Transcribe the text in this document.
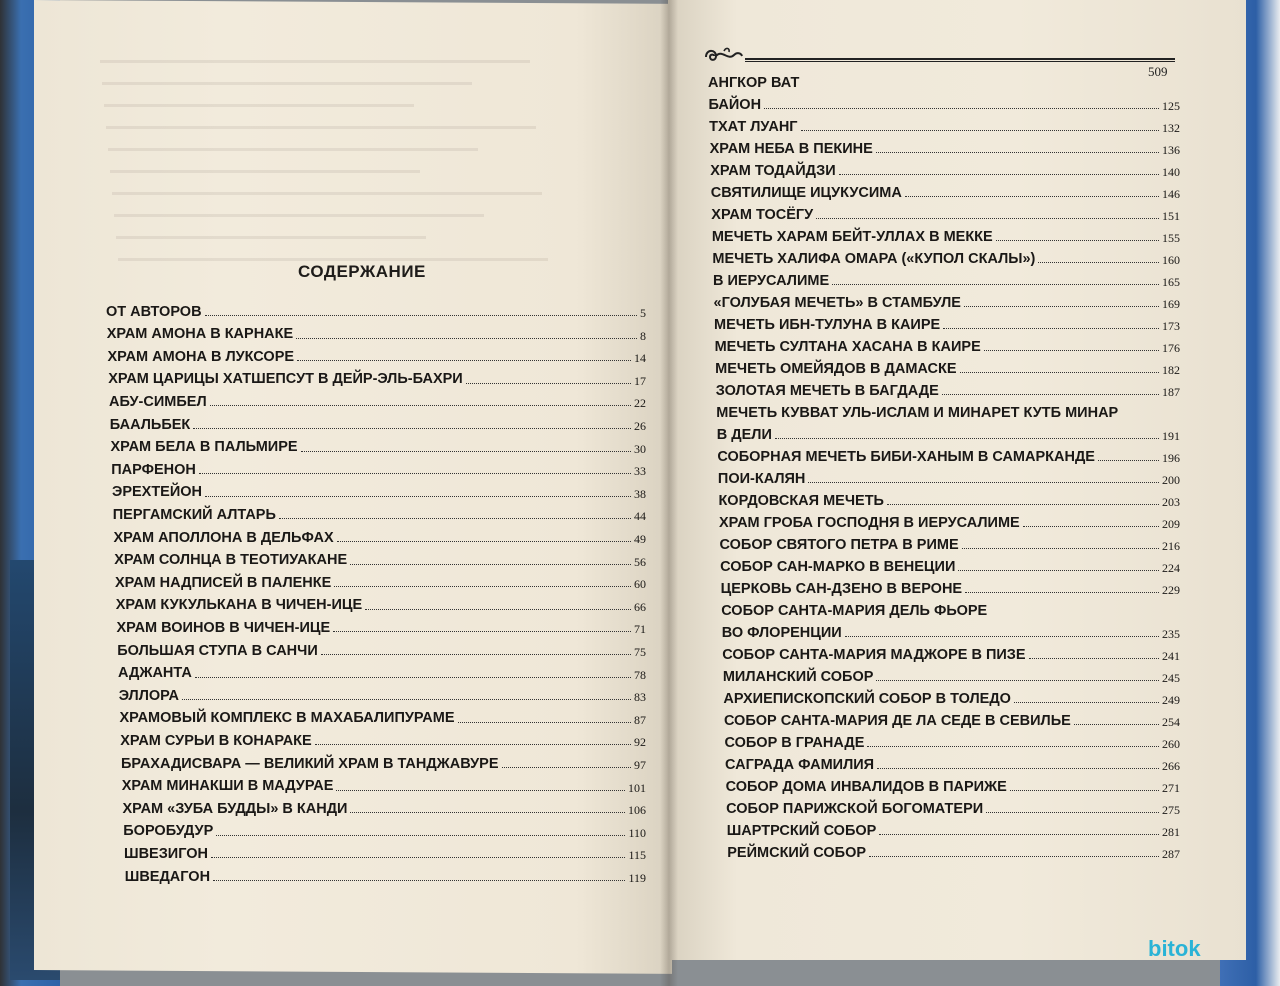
СОДЕРЖАНИЕ
ОТ АВТОРОВ	5
ХРАМ АМОНА В КАРНАКЕ	8
ХРАМ АМОНА В ЛУКСОРЕ	14
ХРАМ ЦАРИЦЫ ХАТШЕПСУТ В ДЕЙР-ЭЛЬ-БАХРИ	17
АБУ-СИМБЕЛ	22
БААЛЬБЕК	26
ХРАМ БЕЛА В ПАЛЬМИРЕ	30
ПАРФЕНОН	33
ЭРЕХТЕЙОН	38
ПЕРГАМСКИЙ АЛТАРЬ	44
ХРАМ АПОЛЛОНА В ДЕЛЬФАХ	49
ХРАМ СОЛНЦА В ТЕОТИУАКАНЕ	56
ХРАМ НАДПИСЕЙ В ПАЛЕНКЕ	60
ХРАМ КУКУЛЬКАНА В ЧИЧЕН-ИЦЕ	66
ХРАМ ВОИНОВ В ЧИЧЕН-ИЦЕ	71
БОЛЬШАЯ СТУПА В САНЧИ	75
АДЖАНТА	78
ЭЛЛОРА	83
ХРАМОВЫЙ КОМПЛЕКС В МАХАБАЛИПУРАМЕ	87
ХРАМ СУРЬИ В КОНАРАКЕ	92
БРАХАДИСВАРА — ВЕЛИКИЙ ХРАМ В ТАНДЖАВУРЕ	97
ХРАМ МИНАКШИ В МАДУРАЕ	101
ХРАМ «ЗУБА БУДДЫ» В КАНДИ	106
БОРОБУДУР	110
ШВЕЗИГОН	115
ШВЕДАГОН	119
509
АНГКОР ВАТ
БАЙОН	125
ТХАТ ЛУАНГ	132
ХРАМ НЕБА В ПЕКИНЕ	136
ХРАМ ТОДАЙДЗИ	140
СВЯТИЛИЩЕ ИЦУКУСИМА	146
ХРАМ ТОСЁГУ	151
МЕЧЕТЬ ХАРАМ БЕЙТ-УЛЛАХ В МЕККЕ	155
МЕЧЕТЬ ХАЛИФА ОМАРА («КУПОЛ СКАЛЫ»)	160
В ИЕРУСАЛИМЕ	165
«ГОЛУБАЯ МЕЧЕТЬ» В СТАМБУЛЕ	169
МЕЧЕТЬ ИБН-ТУЛУНА В КАИРЕ	173
МЕЧЕТЬ СУЛТАНА ХАСАНА В КАИРЕ	176
МЕЧЕТЬ ОМЕЙЯДОВ В ДАМАСКЕ	182
ЗОЛОТАЯ МЕЧЕТЬ В БАГДАДЕ	187
МЕЧЕТЬ КУВВАТ УЛЬ-ИСЛАМ И МИНАРЕТ КУТБ МИНАР
В ДЕЛИ	191
СОБОРНАЯ МЕЧЕТЬ БИБИ-ХАНЫМ В САМАРКАНДЕ	196
ПОИ-КАЛЯН	200
КОРДОВСКАЯ МЕЧЕТЬ	203
ХРАМ ГРОБА ГОСПОДНЯ В ИЕРУСАЛИМЕ	209
СОБОР СВЯТОГО ПЕТРА В РИМЕ	216
СОБОР САН-МАРКО В ВЕНЕЦИИ	224
ЦЕРКОВЬ САН-ДЗЕНО В ВЕРОНЕ	229
СОБОР САНТА-МАРИЯ ДЕЛЬ ФЬОРЕ
ВО ФЛОРЕНЦИИ	235
СОБОР САНТА-МАРИЯ МАДЖОРЕ В ПИЗЕ	241
МИЛАНСКИЙ СОБОР	245
АРХИЕПИСКОПСКИЙ СОБОР В ТОЛЕДО	249
СОБОР САНТА-МАРИЯ ДЕ ЛА СЕДЕ В СЕВИЛЬЕ	254
СОБОР В ГРАНАДЕ	260
САГРАДА ФАМИЛИЯ	266
СОБОР ДОМА ИНВАЛИДОВ В ПАРИЖЕ	271
СОБОР ПАРИЖСКОЙ БОГОМАТЕРИ	275
ШАРТРСКИЙ СОБОР	281
РЕЙМСКИЙ СОБОР	287
bitok
